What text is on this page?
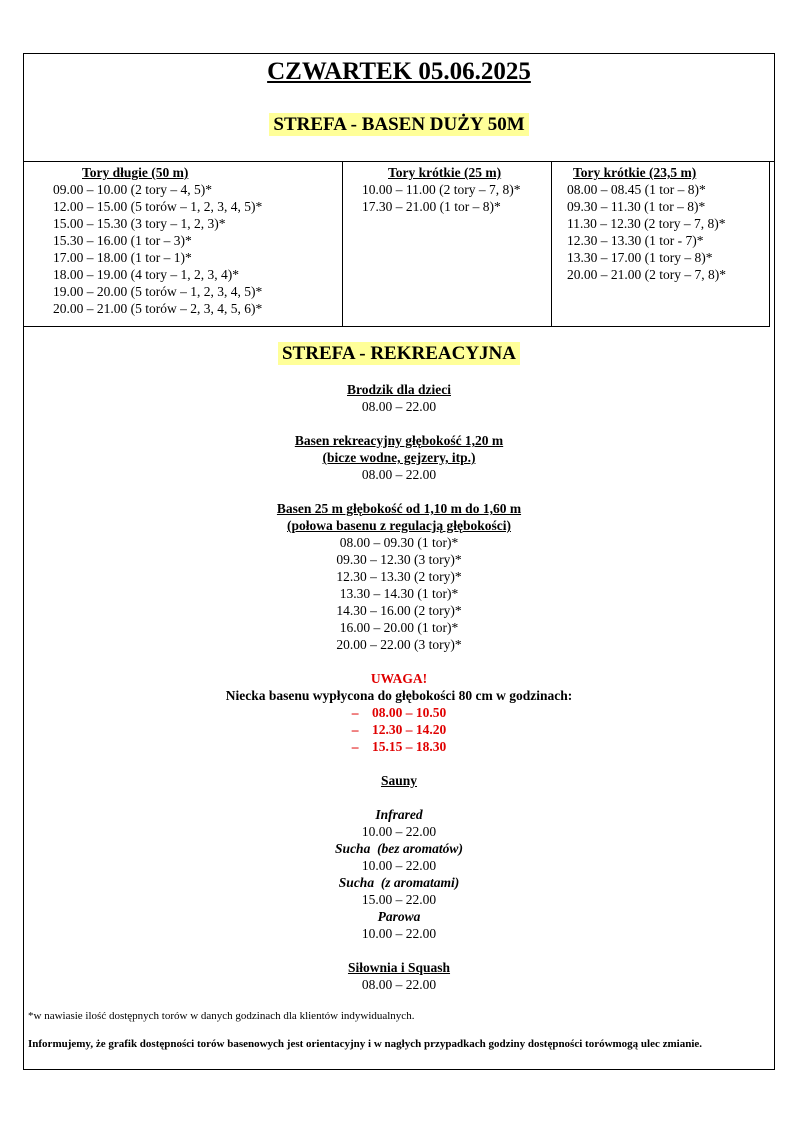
CZWARTEK 05.06.2025
STREFA - BASEN DUŻY 50M
Tory długie (50 m)
09.00 – 10.00 (2 tory – 4, 5)*
12.00 – 15.00 (5 torów – 1, 2, 3, 4, 5)*
15.00 – 15.30 (3 tory – 1, 2, 3)*
15.30 – 16.00 (1 tor – 3)*
17.00 – 18.00 (1 tor – 1)*
18.00 – 19.00 (4 tory – 1, 2, 3, 4)*
19.00 – 20.00 (5 torów – 1, 2, 3, 4, 5)*
20.00 – 21.00 (5 torów – 2, 3, 4, 5, 6)*
Tory krótkie (25 m)
10.00 – 11.00 (2 tory – 7, 8)*
17.30 – 21.00 (1 tor – 8)*
Tory krótkie (23,5 m)
08.00 – 08.45 (1 tor – 8)*
09.30 – 11.30 (1 tor – 8)*
11.30 – 12.30 (2 tory – 7, 8)*
12.30 – 13.30 (1 tor - 7)*
13.30 – 17.00 (1 tory – 8)*
20.00 – 21.00 (2 tory – 7, 8)*
STREFA - REKREACYJNA
Brodzik dla dzieci
08.00 – 22.00
Basen rekreacyjny głębokość 1,20 m
(bicze wodne, gejzery, itp.)
08.00 – 22.00
Basen 25 m głębokość od 1,10 m do 1,60 m
(połowa basenu z regulacją głębokości)
08.00 – 09.30 (1 tor)*
09.30 – 12.30 (3 tory)*
12.30 – 13.30 (2 tory)*
13.30 – 14.30 (1 tor)*
14.30 – 16.00 (2 tory)*
16.00 – 20.00 (1 tor)*
20.00 – 22.00 (3 tory)*
UWAGA!
Niecka basenu wypłycona do głębokości 80 cm w godzinach:
–    08.00 – 10.50
–    12.30 – 14.20
–    15.15 – 18.30
Sauny
Infrared
10.00 – 22.00
Sucha  (bez aromatów)
10.00 – 22.00
Sucha  (z aromatami)
15.00 – 22.00
Parowa
10.00 – 22.00
Siłownia i Squash
08.00 – 22.00
*w nawiasie ilość dostępnych torów w danych godzinach dla klientów indywidualnych.
Informujemy, że grafik dostępności torów basenowych jest orientacyjny i w nagłych przypadkach godziny dostępności torówmogą ulec zmianie.
